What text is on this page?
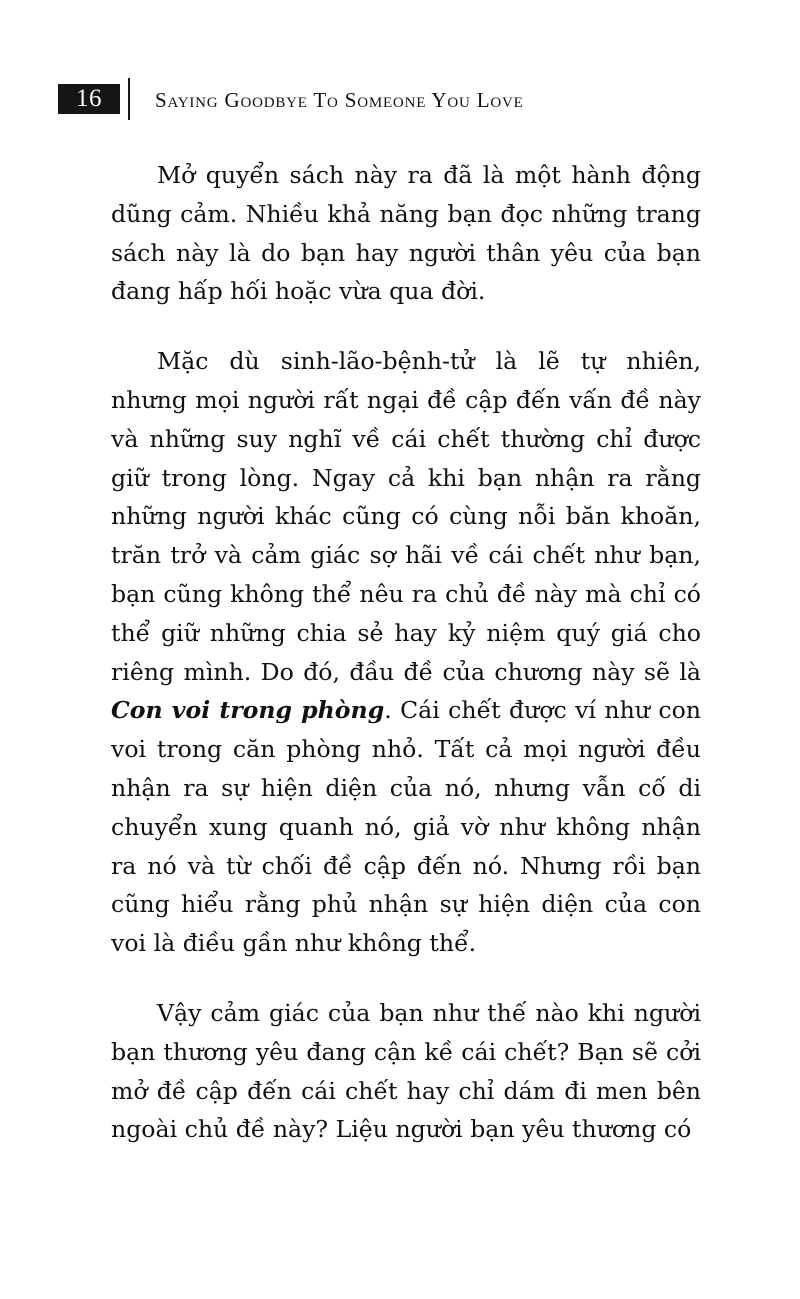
16	Saying Goodbye To Someone You Love

Mở quyển sách này ra đã là một hành động dũng cảm. Nhiều khả năng bạn đọc những trang sách này là do bạn hay người thân yêu của bạn đang hấp hối hoặc vừa qua đời.

Mặc dù sinh-lão-bệnh-tử là lẽ tự nhiên, nhưng mọi người rất ngại đề cập đến vấn đề này và những suy nghĩ về cái chết thường chỉ được giữ trong lòng. Ngay cả khi bạn nhận ra rằng những người khác cũng có cùng nỗi băn khoăn, trăn trở và cảm giác sợ hãi về cái chết như bạn, bạn cũng không thể nêu ra chủ đề này mà chỉ có thể giữ những chia sẻ hay kỷ niệm quý giá cho riêng mình. Do đó, đầu đề của chương này sẽ là Con voi trong phòng. Cái chết được ví như con voi trong căn phòng nhỏ. Tất cả mọi người đều nhận ra sự hiện diện của nó, nhưng vẫn cố di chuyển xung quanh nó, giả vờ như không nhận ra nó và từ chối đề cập đến nó. Nhưng rồi bạn cũng hiểu rằng phủ nhận sự hiện diện của con voi là điều gần như không thể.

Vậy cảm giác của bạn như thế nào khi người bạn thương yêu đang cận kề cái chết? Bạn sẽ cởi mở đề cập đến cái chết hay chỉ dám đi men bên ngoài chủ đề này? Liệu người bạn yêu thương có
